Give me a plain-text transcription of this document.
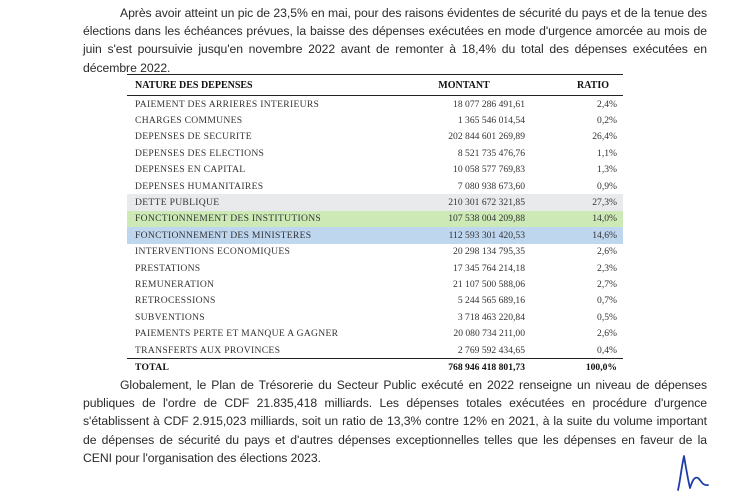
Après avoir atteint un pic de 23,5% en mai, pour des raisons évidentes de sécurité du pays et de la tenue des élections dans les échéances prévues, la baisse des dépenses exécutées en mode d'urgence amorcée au mois de juin s'est poursuivie jusqu'en novembre 2022 avant de remonter à 18,4% du total des dépenses exécutées en décembre 2022.

NATURE DES DEPENSES	MONTANT	RATIO
PAIEMENT DES ARRIERES INTERIEURS	18 077 286 491,61	2,4%
CHARGES COMMUNES	1 365 546 014,54	0,2%
DEPENSES DE SECURITE	202 844 601 269,89	26,4%
DEPENSES DES ELECTIONS	8 521 735 476,76	1,1%
DEPENSES EN CAPITAL	10 058 577 769,83	1,3%
DEPENSES HUMANITAIRES	7 080 938 673,60	0,9%
DETTE PUBLIQUE	210 301 672 321,85	27,3%
FONCTIONNEMENT DES INSTITUTIONS	107 538 004 209,88	14,0%
FONCTIONNEMENT DES MINISTERES	112 593 301 420,53	14,6%
INTERVENTIONS ECONOMIQUES	20 298 134 795,35	2,6%
PRESTATIONS	17 345 764 214,18	2,3%
REMUNERATION	21 107 500 588,06	2,7%
RETROCESSIONS	5 244 565 689,16	0,7%
SUBVENTIONS	3 718 463 220,84	0,5%
PAIEMENTS PERTE ET MANQUE A GAGNER	20 080 734 211,00	2,6%
TRANSFERTS AUX PROVINCES	2 769 592 434,65	0,4%
TOTAL	768 946 418 801,73	100,0%

Globalement, le Plan de Trésorerie du Secteur Public exécuté en 2022 renseigne un niveau de dépenses publiques de l'ordre de CDF 21.835,418 milliards. Les dépenses totales exécutées en procédure d'urgence s'établissent à CDF 2.915,023 milliards, soit un ratio de 13,3% contre 12% en 2021, à la suite du volume important de dépenses de sécurité du pays et d'autres dépenses exceptionnelles telles que les dépenses en faveur de la CENI pour l'organisation des élections 2023.
